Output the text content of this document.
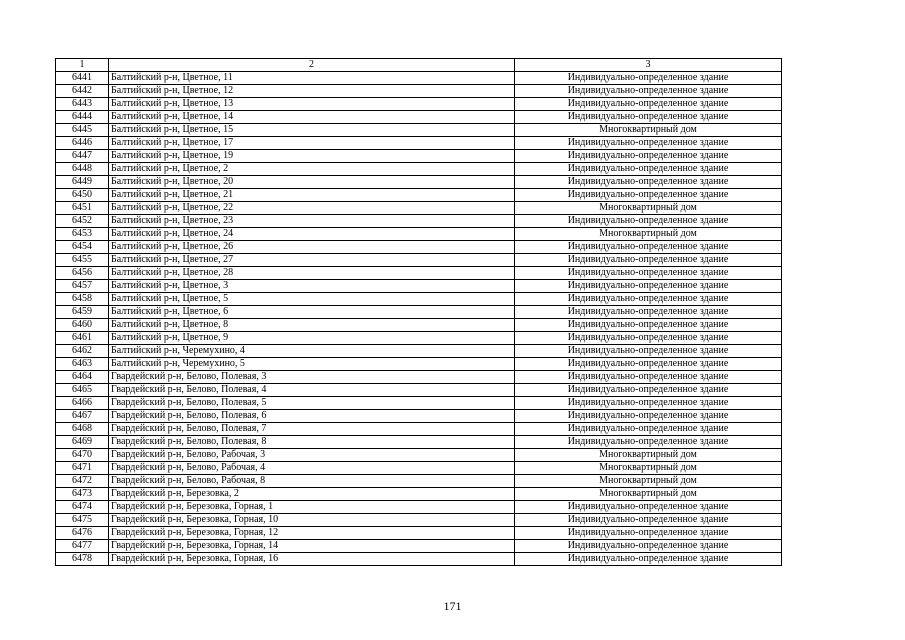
1	2	3
6441	Балтийский р-н, Цветное, 11	Индивидуально-определенное здание
6442	Балтийский р-н, Цветное, 12	Индивидуально-определенное здание
6443	Балтийский р-н, Цветное, 13	Индивидуально-определенное здание
6444	Балтийский р-н, Цветное, 14	Индивидуально-определенное здание
6445	Балтийский р-н, Цветное, 15	Многоквартирный дом
6446	Балтийский р-н, Цветное, 17	Индивидуально-определенное здание
6447	Балтийский р-н, Цветное, 19	Индивидуально-определенное здание
6448	Балтийский р-н, Цветное, 2	Индивидуально-определенное здание
6449	Балтийский р-н, Цветное, 20	Индивидуально-определенное здание
6450	Балтийский р-н, Цветное, 21	Индивидуально-определенное здание
6451	Балтийский р-н, Цветное, 22	Многоквартирный дом
6452	Балтийский р-н, Цветное, 23	Индивидуально-определенное здание
6453	Балтийский р-н, Цветное, 24	Многоквартирный дом
6454	Балтийский р-н, Цветное, 26	Индивидуально-определенное здание
6455	Балтийский р-н, Цветное, 27	Индивидуально-определенное здание
6456	Балтийский р-н, Цветное, 28	Индивидуально-определенное здание
6457	Балтийский р-н, Цветное, 3	Индивидуально-определенное здание
6458	Балтийский р-н, Цветное, 5	Индивидуально-определенное здание
6459	Балтийский р-н, Цветное, 6	Индивидуально-определенное здание
6460	Балтийский р-н, Цветное, 8	Индивидуально-определенное здание
6461	Балтийский р-н, Цветное, 9	Индивидуально-определенное здание
6462	Балтийский р-н, Черемухино, 4	Индивидуально-определенное здание
6463	Балтийский р-н, Черемухино, 5	Индивидуально-определенное здание
6464	Гвардейский р-н, Белово, Полевая, 3	Индивидуально-определенное здание
6465	Гвардейский р-н, Белово, Полевая, 4	Индивидуально-определенное здание
6466	Гвардейский р-н, Белово, Полевая, 5	Индивидуально-определенное здание
6467	Гвардейский р-н, Белово, Полевая, 6	Индивидуально-определенное здание
6468	Гвардейский р-н, Белово, Полевая, 7	Индивидуально-определенное здание
6469	Гвардейский р-н, Белово, Полевая, 8	Индивидуально-определенное здание
6470	Гвардейский р-н, Белово, Рабочая, 3	Многоквартирный дом
6471	Гвардейский р-н, Белово, Рабочая, 4	Многоквартирный дом
6472	Гвардейский р-н, Белово, Рабочая, 8	Многоквартирный дом
6473	Гвардейский р-н, Березовка, 2	Многоквартирный дом
6474	Гвардейский р-н, Березовка, Горная, 1	Индивидуально-определенное здание
6475	Гвардейский р-н, Березовка, Горная, 10	Индивидуально-определенное здание
6476	Гвардейский р-н, Березовка, Горная, 12	Индивидуально-определенное здание
6477	Гвардейский р-н, Березовка, Горная, 14	Индивидуально-определенное здание
6478	Гвардейский р-н, Березовка, Горная, 16	Индивидуально-определенное здание
171
